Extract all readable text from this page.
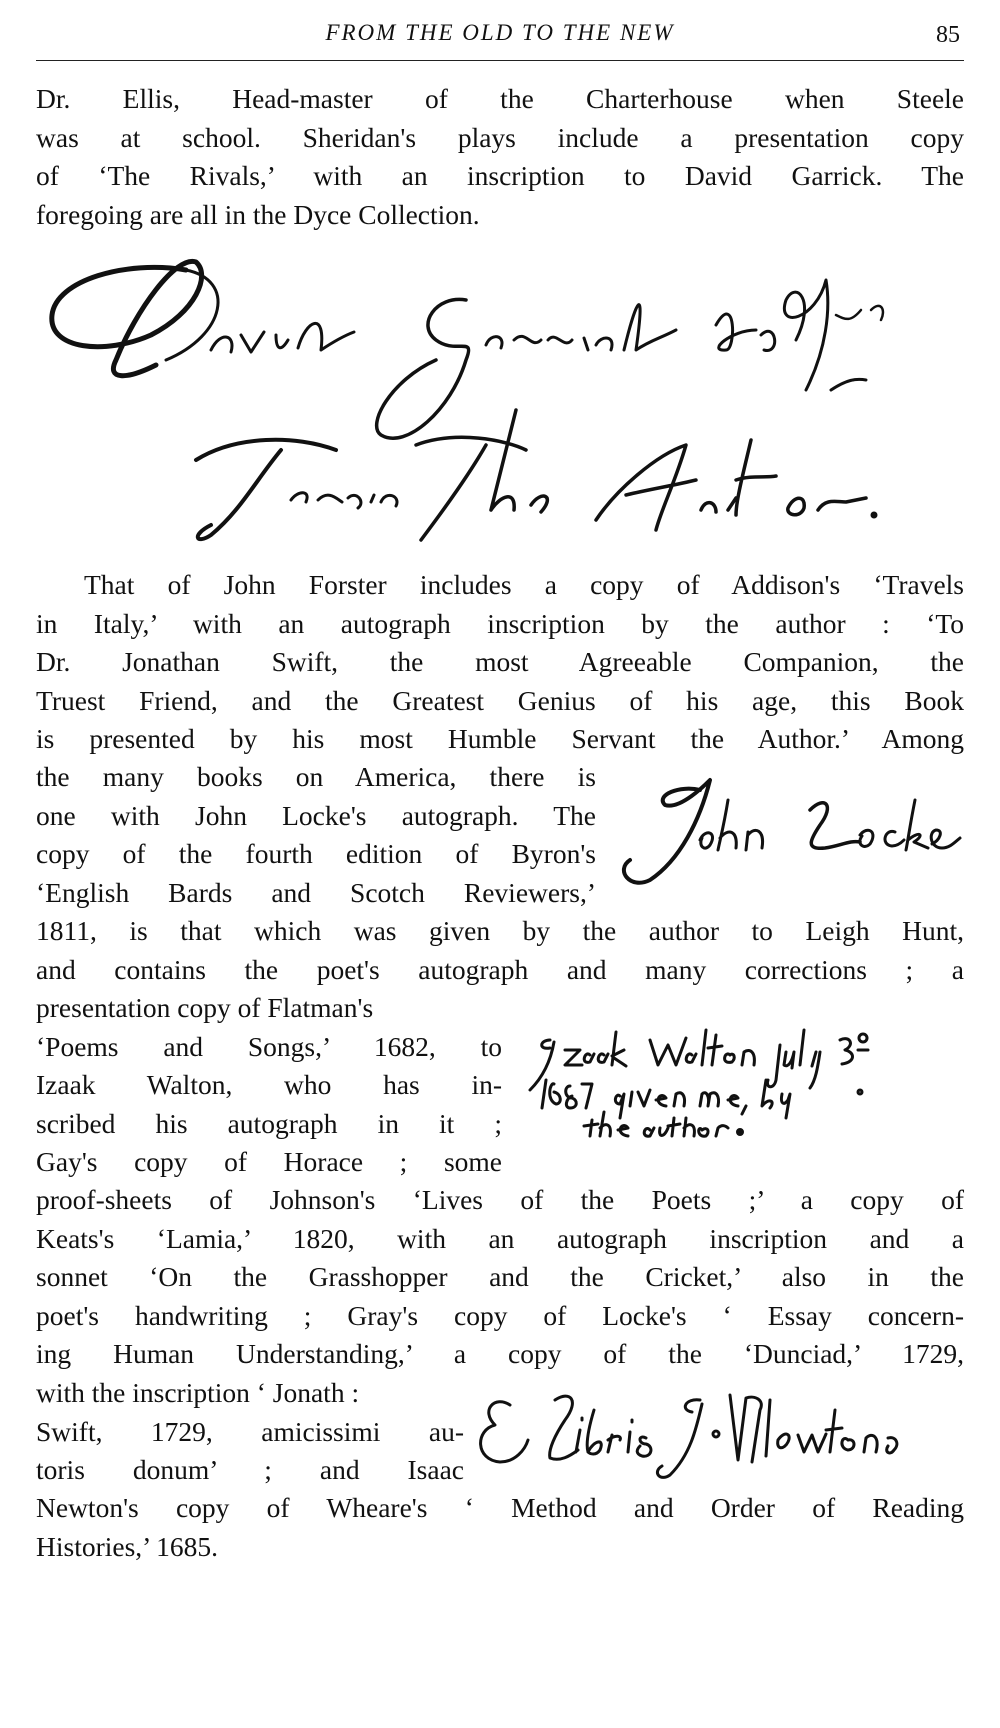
FROM THE OLD TO THE NEW	85
Dr. Ellis, Head-master of the Charterhouse when Steele
was at school. Sheridan's plays include a presentation copy
of ‘The Rivals,’ with an inscription to David Garrick. The
foregoing are all in the Dyce Collection.
That of John Forster includes a copy of Addison's ‘Travels
in Italy,’ with an autograph inscription by the author : ‘To
Dr. Jonathan Swift, the most Agreeable Companion, the
Truest Friend, and the Greatest Genius of his age, this Book
is presented by his most Humble Servant the Author.’ Among
the many books on America, there is
one with John Locke's autograph. The
copy of the fourth edition of Byron's
‘English Bards and Scotch Reviewers,’
1811, is that which was given by the author to Leigh Hunt,
and contains the poet's autograph and many corrections ; a
presentation copy of Flatman's
‘Poems and Songs,’ 1682, to
Izaak Walton, who has in-
scribed his autograph in it ;
Gay's copy of Horace ; some
proof-sheets of Johnson's ‘Lives of the Poets ;’ a copy of
Keats's ‘Lamia,’ 1820, with an autograph inscription and a
sonnet ‘On the Grasshopper and the Cricket,’ also in the
poet's handwriting ; Gray's copy of Locke's ‘ Essay concern-
ing Human Understanding,’ a copy of the ‘Dunciad,’ 1729,
with the inscription ‘ Jonath :
Swift, 1729, amicissimi au-
toris donum’ ; and Isaac
Newton's copy of Wheare's ‘ Method and Order of Reading
Histories,’ 1685.
